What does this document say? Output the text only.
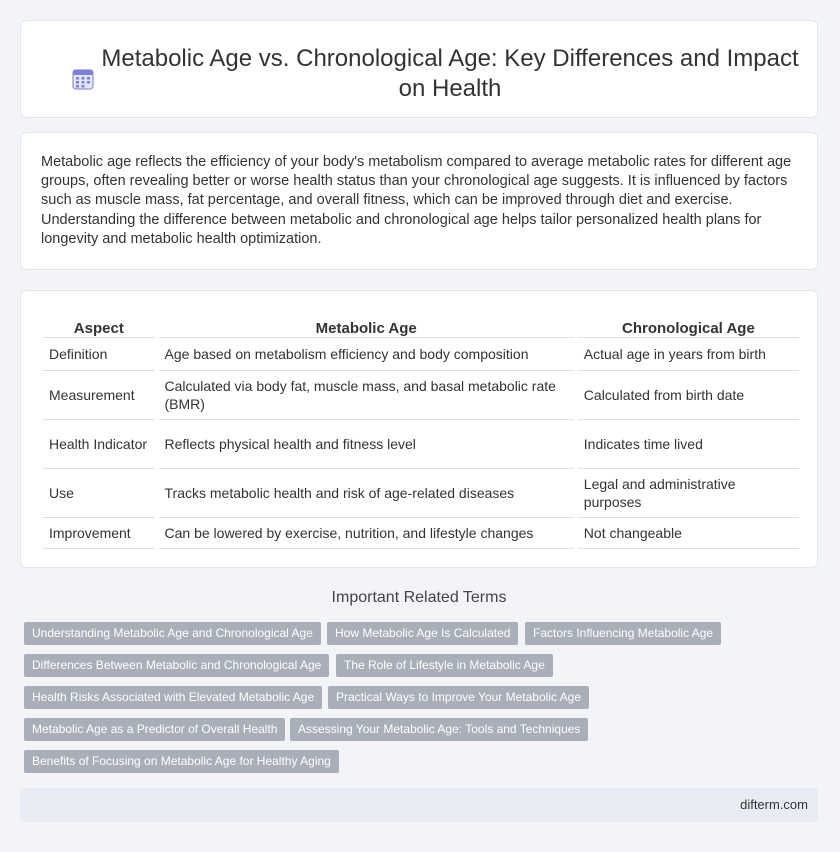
Metabolic Age vs. Chronological Age: Key Differences and Impact on Health

Metabolic age reflects the efficiency of your body's metabolism compared to average metabolic rates for different age groups, often revealing better or worse health status than your chronological age suggests. It is influenced by factors such as muscle mass, fat percentage, and overall fitness, which can be improved through diet and exercise. Understanding the difference between metabolic and chronological age helps tailor personalized health plans for longevity and metabolic health optimization.

Aspect		Metabolic Age		Chronological Age
Definition		Age based on metabolism efficiency and body composition		Actual age in years from birth
Measurement		Calculated via body fat, muscle mass, and basal metabolic rate (BMR)		Calculated from birth date
Health Indicator		Reflects physical health and fitness level		Indicates time lived
Use		Tracks metabolic health and risk of age-related diseases		Legal and administrative purposes
Improvement		Can be lowered by exercise, nutrition, and lifestyle changes		Not changeable
Important Related Terms
Understanding Metabolic Age and Chronological Age	How Metabolic Age Is Calculated	Factors Influencing Metabolic Age
Differences Between Metabolic and Chronological Age	The Role of Lifestyle in Metabolic Age
Health Risks Associated with Elevated Metabolic Age	Practical Ways to Improve Your Metabolic Age
Metabolic Age as a Predictor of Overall Health	Assessing Your Metabolic Age: Tools and Techniques
Benefits of Focusing on Metabolic Age for Healthy Aging
difterm.com
